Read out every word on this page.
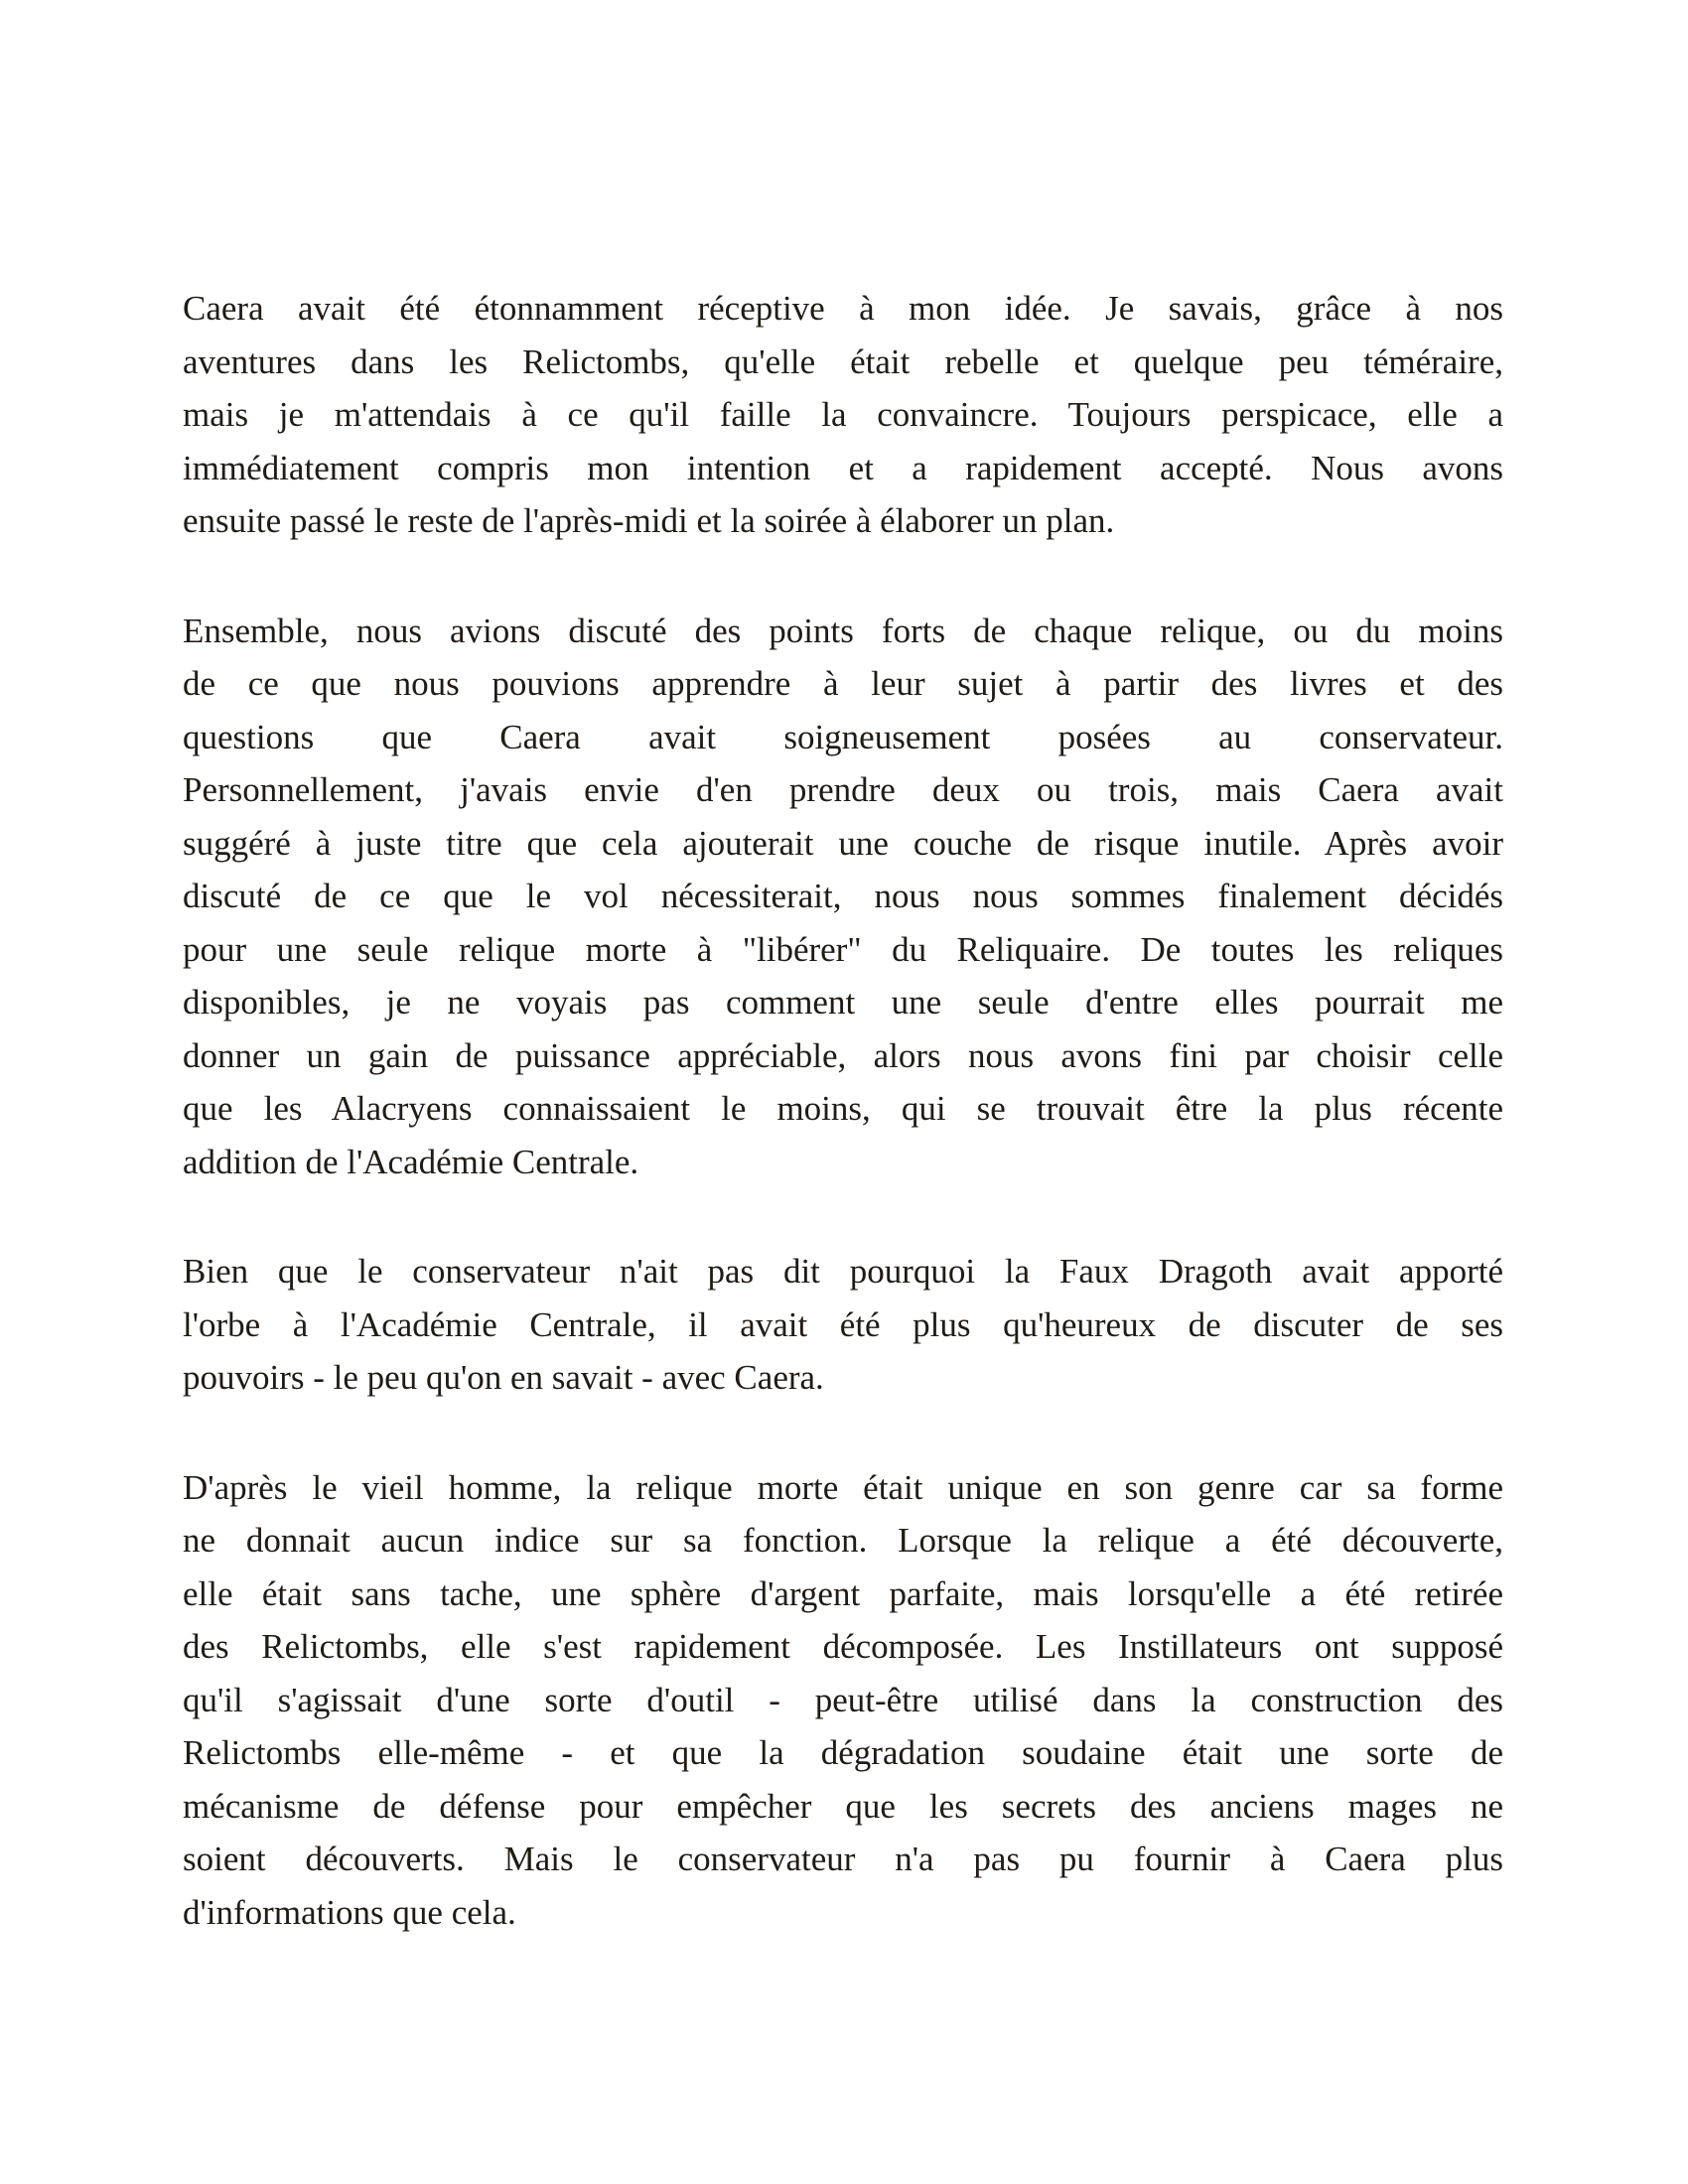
Caera avait été étonnamment réceptive à mon idée. Je savais, grâce à nos
aventures dans les Relictombs, qu'elle était rebelle et quelque peu téméraire,
mais je m'attendais à ce qu'il faille la convaincre. Toujours perspicace, elle a
immédiatement compris mon intention et a rapidement accepté. Nous avons
ensuite passé le reste de l'après-midi et la soirée à élaborer un plan.

Ensemble, nous avions discuté des points forts de chaque relique, ou du moins
de ce que nous pouvions apprendre à leur sujet à partir des livres et des
questions que Caera avait soigneusement posées au conservateur.
Personnellement, j'avais envie d'en prendre deux ou trois, mais Caera avait
suggéré à juste titre que cela ajouterait une couche de risque inutile. Après avoir
discuté de ce que le vol nécessiterait, nous nous sommes finalement décidés
pour une seule relique morte à "libérer" du Reliquaire. De toutes les reliques
disponibles, je ne voyais pas comment une seule d'entre elles pourrait me
donner un gain de puissance appréciable, alors nous avons fini par choisir celle
que les Alacryens connaissaient le moins, qui se trouvait être la plus récente
addition de l'Académie Centrale.

Bien que le conservateur n'ait pas dit pourquoi la Faux Dragoth avait apporté
l'orbe à l'Académie Centrale, il avait été plus qu'heureux de discuter de ses
pouvoirs - le peu qu'on en savait - avec Caera.

D'après le vieil homme, la relique morte était unique en son genre car sa forme
ne donnait aucun indice sur sa fonction. Lorsque la relique a été découverte,
elle était sans tache, une sphère d'argent parfaite, mais lorsqu'elle a été retirée
des Relictombs, elle s'est rapidement décomposée. Les Instillateurs ont supposé
qu'il s'agissait d'une sorte d'outil - peut-être utilisé dans la construction des
Relictombs elle-même - et que la dégradation soudaine était une sorte de
mécanisme de défense pour empêcher que les secrets des anciens mages ne
soient découverts. Mais le conservateur n'a pas pu fournir à Caera plus
d'informations que cela.
